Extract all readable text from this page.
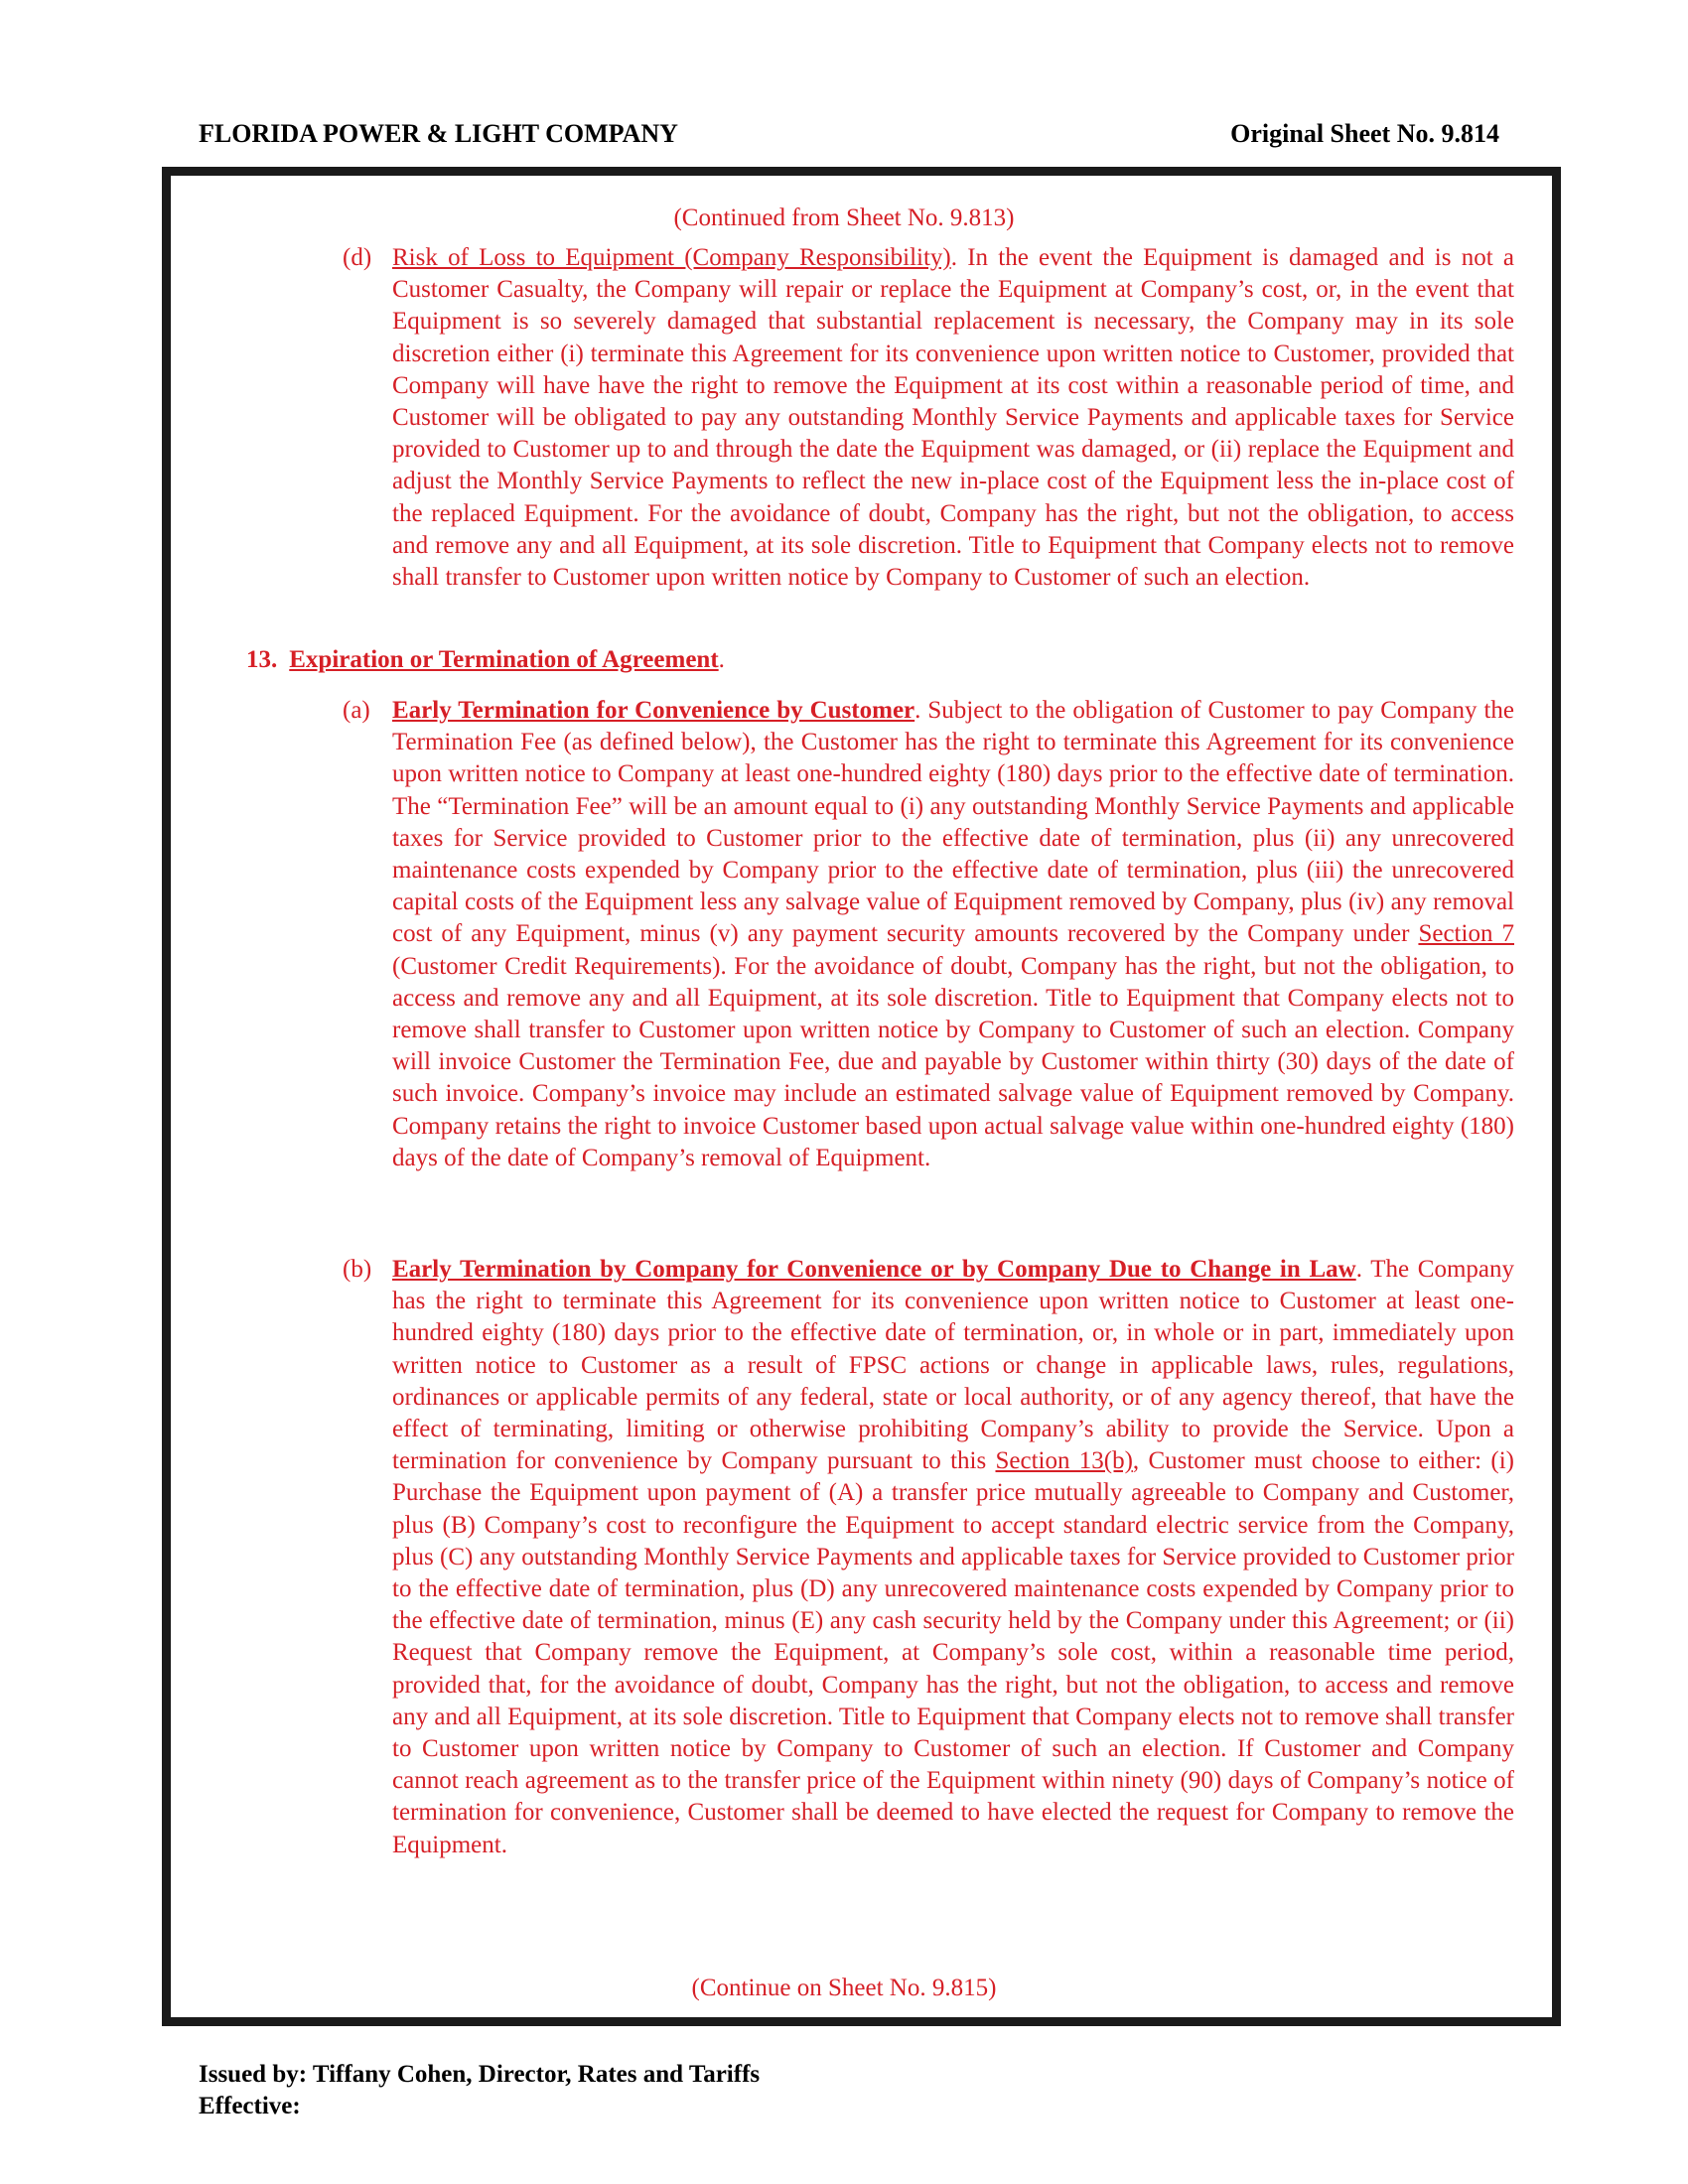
FLORIDA POWER & LIGHT COMPANY	Original Sheet No. 9.814
(Continued from Sheet No. 9.813)
(d) Risk of Loss to Equipment (Company Responsibility). In the event the Equipment is damaged and is not a Customer Casualty, the Company will repair or replace the Equipment at Company’s cost, or, in the event that Equipment is so severely damaged that substantial replacement is necessary, the Company may in its sole discretion either (i) terminate this Agreement for its convenience upon written notice to Customer, provided that Company will have have the right to remove the Equipment at its cost within a reasonable period of time, and Customer will be obligated to pay any outstanding Monthly Service Payments and applicable taxes for Service provided to Customer up to and through the date the Equipment was damaged, or (ii) replace the Equipment and adjust the Monthly Service Payments to reflect the new in-place cost of the Equipment less the in-place cost of the replaced Equipment. For the avoidance of doubt, Company has the right, but not the obligation, to access and remove any and all Equipment, at its sole discretion. Title to Equipment that Company elects not to remove shall transfer to Customer upon written notice by Company to Customer of such an election.
13. Expiration or Termination of Agreement.
(a) Early Termination for Convenience by Customer. Subject to the obligation of Customer to pay Company the Termination Fee (as defined below), the Customer has the right to terminate this Agreement for its convenience upon written notice to Company at least one-hundred eighty (180) days prior to the effective date of termination. The “Termination Fee” will be an amount equal to (i) any outstanding Monthly Service Payments and applicable taxes for Service provided to Customer prior to the effective date of termination, plus (ii) any unrecovered maintenance costs expended by Company prior to the effective date of termination, plus (iii) the unrecovered capital costs of the Equipment less any salvage value of Equipment removed by Company, plus (iv) any removal cost of any Equipment, minus (v) any payment security amounts recovered by the Company under Section 7 (Customer Credit Requirements). For the avoidance of doubt, Company has the right, but not the obligation, to access and remove any and all Equipment, at its sole discretion. Title to Equipment that Company elects not to remove shall transfer to Customer upon written notice by Company to Customer of such an election. Company will invoice Customer the Termination Fee, due and payable by Customer within thirty (30) days of the date of such invoice. Company’s invoice may include an estimated salvage value of Equipment removed by Company. Company retains the right to invoice Customer based upon actual salvage value within one-hundred eighty (180) days of the date of Company’s removal of Equipment.
(b) Early Termination by Company for Convenience or by Company Due to Change in Law. The Company has the right to terminate this Agreement for its convenience upon written notice to Customer at least one-hundred eighty (180) days prior to the effective date of termination, or, in whole or in part, immediately upon written notice to Customer as a result of FPSC actions or change in applicable laws, rules, regulations, ordinances or applicable permits of any federal, state or local authority, or of any agency thereof, that have the effect of terminating, limiting or otherwise prohibiting Company’s ability to provide the Service. Upon a termination for convenience by Company pursuant to this Section 13(b), Customer must choose to either: (i) Purchase the Equipment upon payment of (A) a transfer price mutually agreeable to Company and Customer, plus (B) Company’s cost to reconfigure the Equipment to accept standard electric service from the Company, plus (C) any outstanding Monthly Service Payments and applicable taxes for Service provided to Customer prior to the effective date of termination, plus (D) any unrecovered maintenance costs expended by Company prior to the effective date of termination, minus (E) any cash security held by the Company under this Agreement; or (ii) Request that Company remove the Equipment, at Company’s sole cost, within a reasonable time period, provided that, for the avoidance of doubt, Company has the right, but not the obligation, to access and remove any and all Equipment, at its sole discretion. Title to Equipment that Company elects not to remove shall transfer to Customer upon written notice by Company to Customer of such an election. If Customer and Company cannot reach agreement as to the transfer price of the Equipment within ninety (90) days of Company’s notice of termination for convenience, Customer shall be deemed to have elected the request for Company to remove the Equipment.
(Continue on Sheet No. 9.815)
Issued by: Tiffany Cohen, Director, Rates and Tariffs
Effective:
